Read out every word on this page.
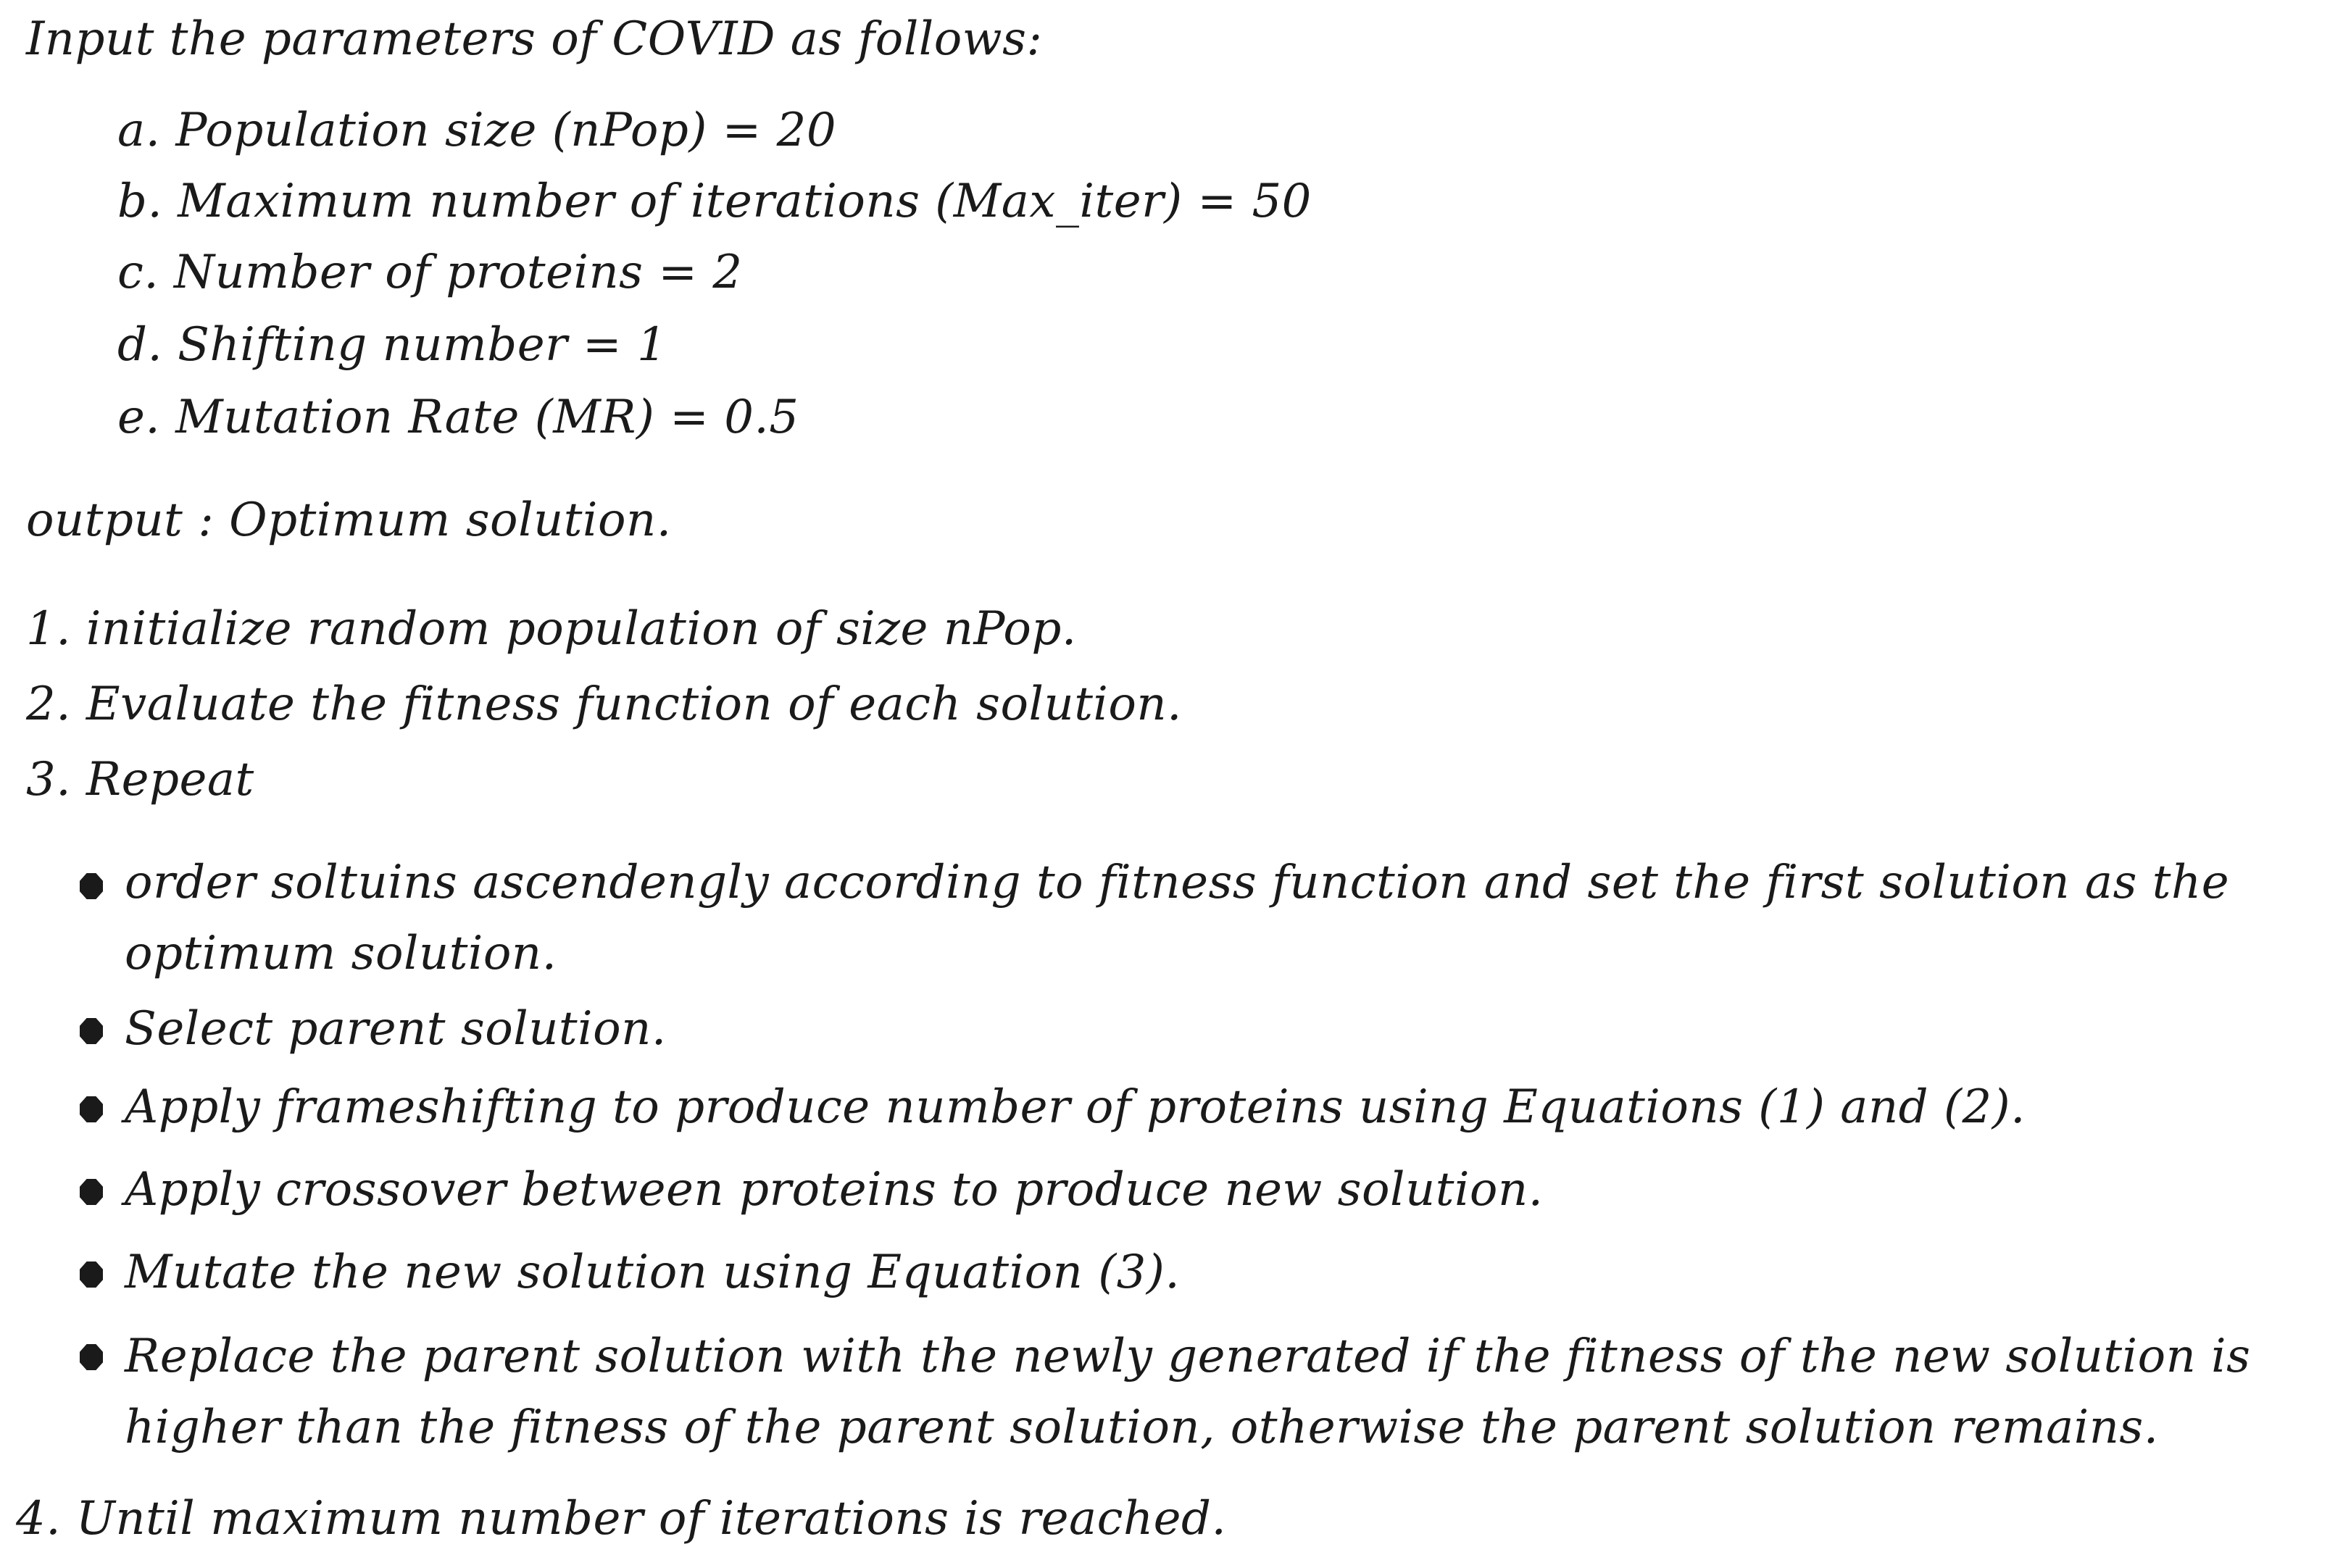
Input the parameters of COVID as follows:
a. Population size (nPop) = 20
b. Maximum number of iterations (Max_iter) = 50
c. Number of proteins = 2
d. Shifting number = 1
e. Mutation Rate (MR) = 0.5
output : Optimum solution.
1. initialize random population of size nPop.
2. Evaluate the fitness function of each solution.
3. Repeat
order soltuins ascendengly according to fitness function and set the first solution as the
optimum solution.
Select parent solution.
Apply frameshifting to produce number of proteins using Equations (1) and (2).
Apply crossover between proteins to produce new solution.
Mutate the new solution using Equation (3).
Replace the parent solution with the newly generated if the fitness of the new solution is
higher than the fitness of the parent solution, otherwise the parent solution remains.
4. Until maximum number of iterations is reached.
